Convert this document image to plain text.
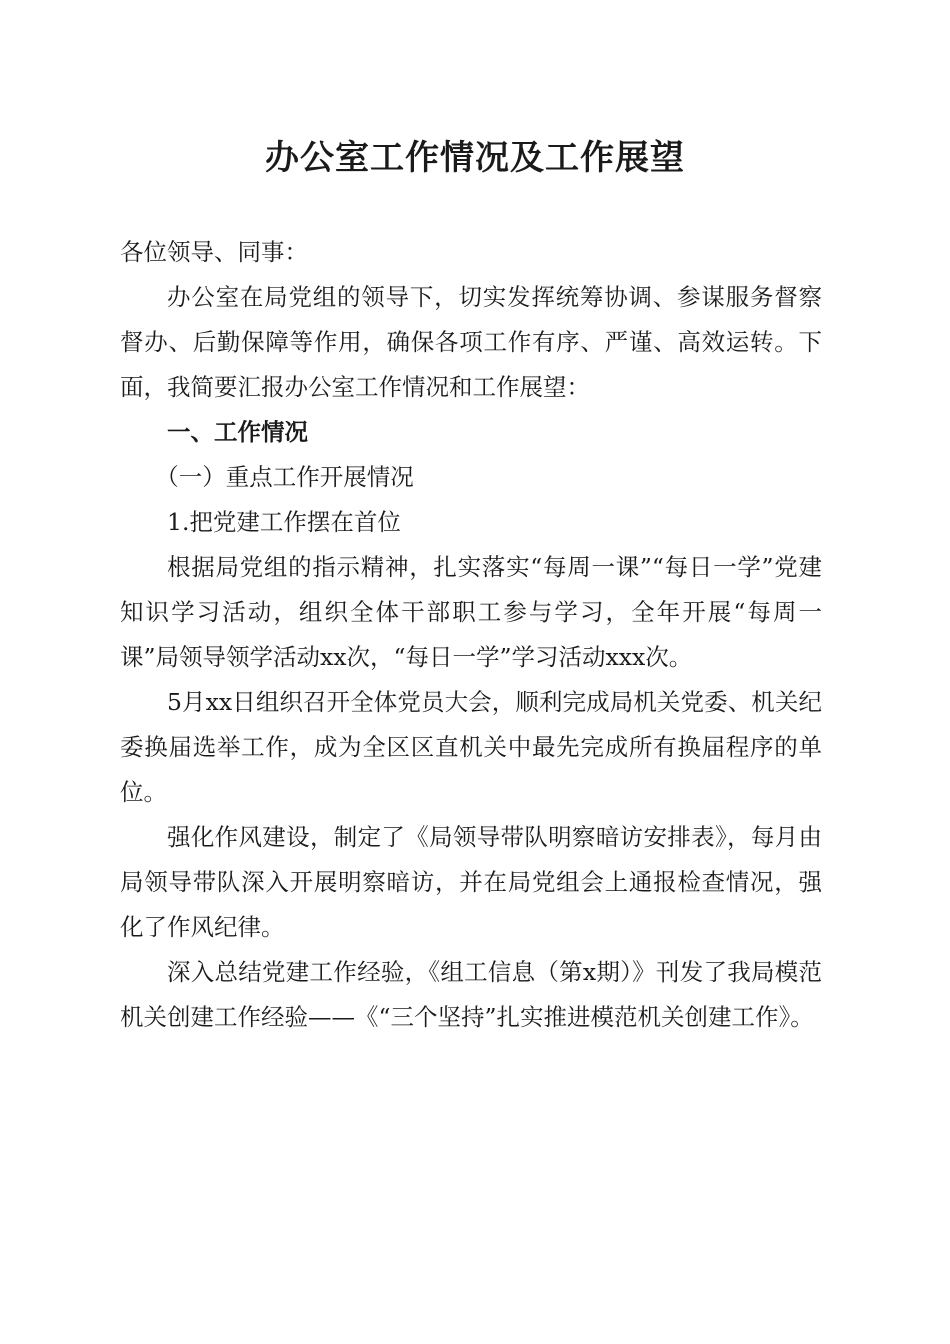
办公室工作情况及工作展望

各位领导、同事：

办公室在局党组的领导下，切实发挥统筹协调、参谋服务督察督办、后勤保障等作用，确保各项工作有序、严谨、高效运转。下面，我简要汇报办公室工作情况和工作展望：

一、工作情况

（一）重点工作开展情况

1.把党建工作摆在首位

根据局党组的指示精神，扎实落实“每周一课”“每日一学”党建知识学习活动，组织全体干部职工参与学习，全年开展“每周一课”局领导领学活动xx次，“每日一学”学习活动xxx次。

5月xx日组织召开全体党员大会，顺利完成局机关党委、机关纪委换届选举工作，成为全区区直机关中最先完成所有换届程序的单位。

强化作风建设，制定了《局领导带队明察暗访安排表》，每月由局领导带队深入开展明察暗访，并在局党组会上通报检查情况，强化了作风纪律。

深入总结党建工作经验，《组工信息（第x期）》刊发了我局模范机关创建工作经验——《“三个坚持”扎实推进模范机关创建工作》。
